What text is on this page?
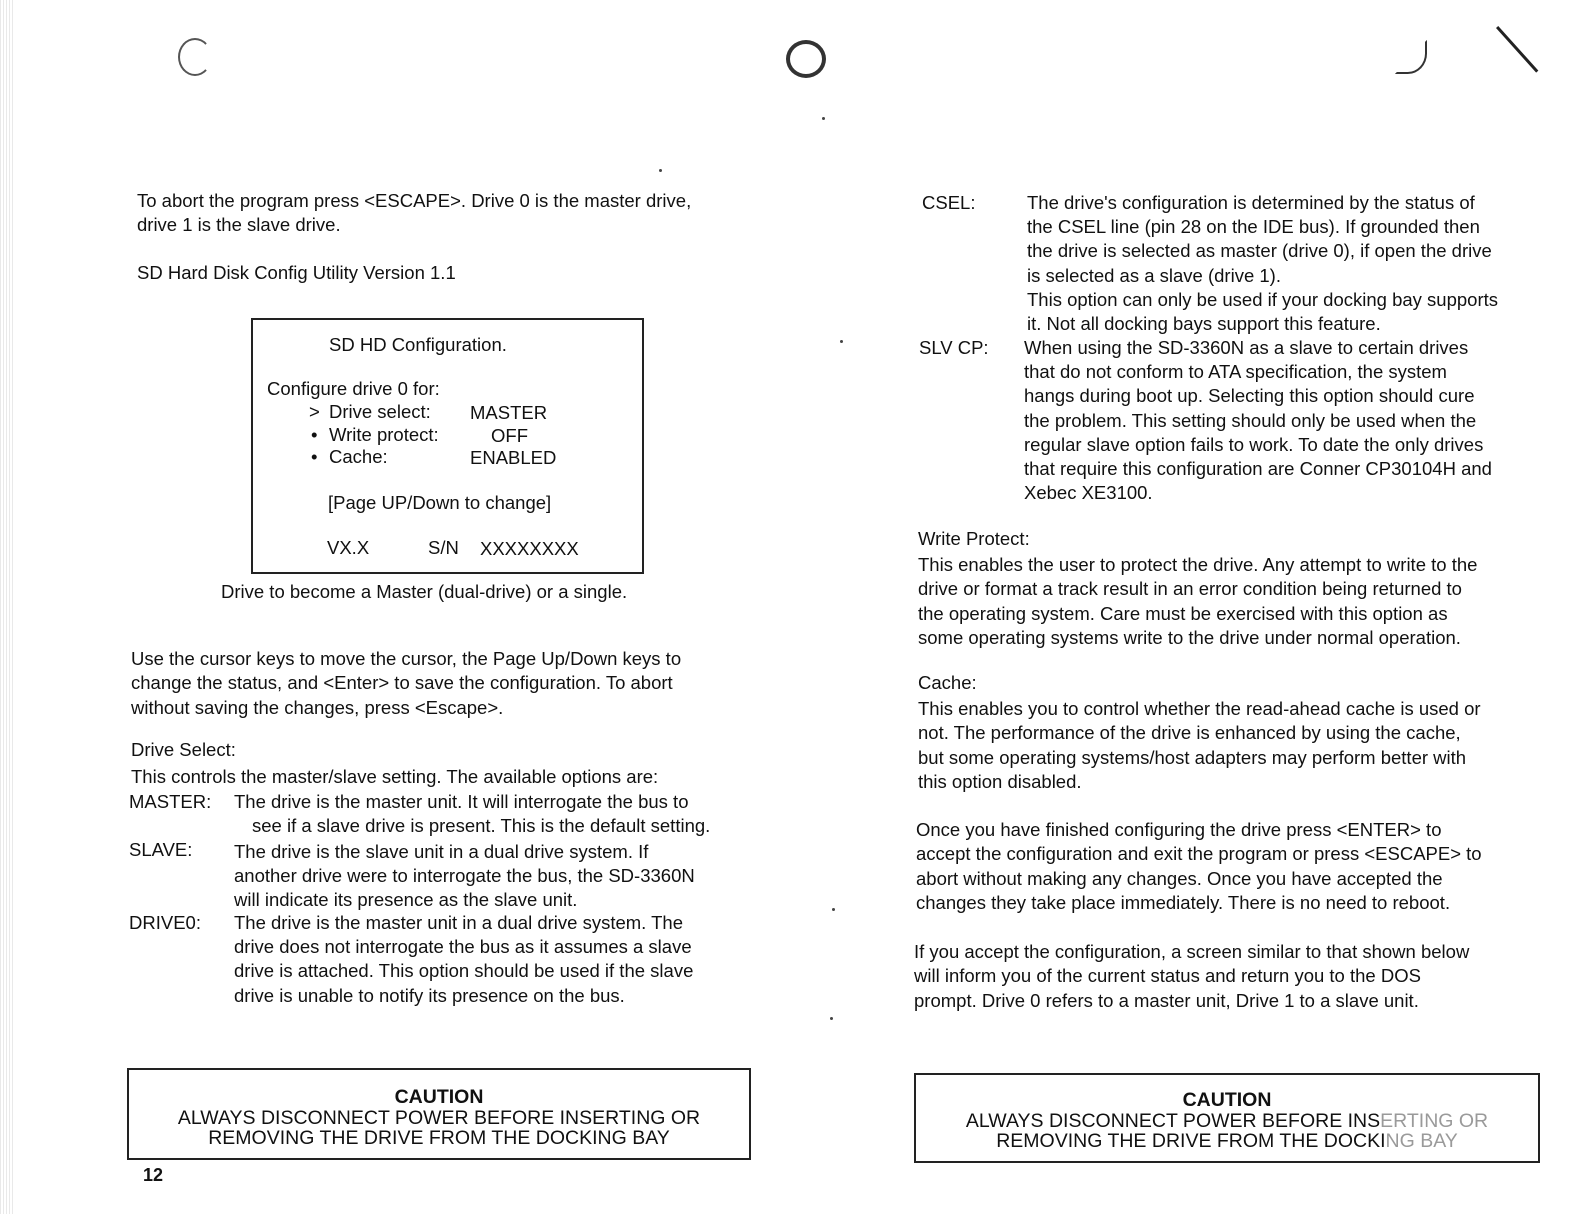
To abort the program press <ESCAPE>. Drive 0 is the master drive,
drive 1 is the slave drive.
SD Hard Disk Config Utility Version 1.1
SD HD Configuration.
Configure drive 0 for:
> Drive select: MASTER
• Write protect:	OFF
• Cache:	ENABLED
[Page UP/Down to change]
VX.X	S/N XXXXXXXX
Drive to become a Master (dual-drive) or a single.
Use the cursor keys to move the cursor, the Page Up/Down keys to
change the status, and <Enter> to save the configuration. To abort
without saving the changes, press <Escape>.
Drive Select:
This controls the master/slave setting. The available options are:
MASTER: The drive is the master unit. It will interrogate the bus to
see if a slave drive is present. This is the default setting.
SLAVE: The drive is the slave unit in a dual drive system. If
another drive were to interrogate the bus, the SD-3360N
will indicate its presence as the slave unit.
DRIVE0: The drive is the master unit in a dual drive system. The
drive does not interrogate the bus as it assumes a slave
drive is attached. This option should be used if the slave
drive is unable to notify its presence on the bus.
CAUTION
ALWAYS DISCONNECT POWER BEFORE INSERTING OR
REMOVING THE DRIVE FROM THE DOCKING BAY
12
CSEL:	The drive's configuration is determined by the status of
the CSEL line (pin 28 on the IDE bus). If grounded then
the drive is selected as master (drive 0), if open the drive
is selected as a slave (drive 1).
This option can only be used if your docking bay supports
it. Not all docking bays support this feature.
SLV CP: When using the SD-3360N as a slave to certain drives
that do not conform to ATA specification, the system
hangs during boot up. Selecting this option should cure
the problem. This setting should only be used when the
regular slave option fails to work. To date the only drives
that require this configuration are Conner CP30104H and
Xebec XE3100.
Write Protect:
This enables the user to protect the drive. Any attempt to write to the
drive or format a track result in an error condition being returned to
the operating system. Care must be exercised with this option as
some operating systems write to the drive under normal operation.
Cache:
This enables you to control whether the read-ahead cache is used or
not. The performance of the drive is enhanced by using the cache,
but some operating systems/host adapters may perform better with
this option disabled.
Once you have finished configuring the drive press <ENTER> to
accept the configuration and exit the program or press <ESCAPE> to
abort without making any changes. Once you have accepted the
changes they take place immediately. There is no need to reboot.
If you accept the configuration, a screen similar to that shown below
will inform you of the current status and return you to the DOS
prompt. Drive 0 refers to a master unit, Drive 1 to a slave unit.
CAUTION
ALWAYS DISCONNECT POWER BEFORE INSERTING OR
REMOVING THE DRIVE FROM THE DOCKING BAY
